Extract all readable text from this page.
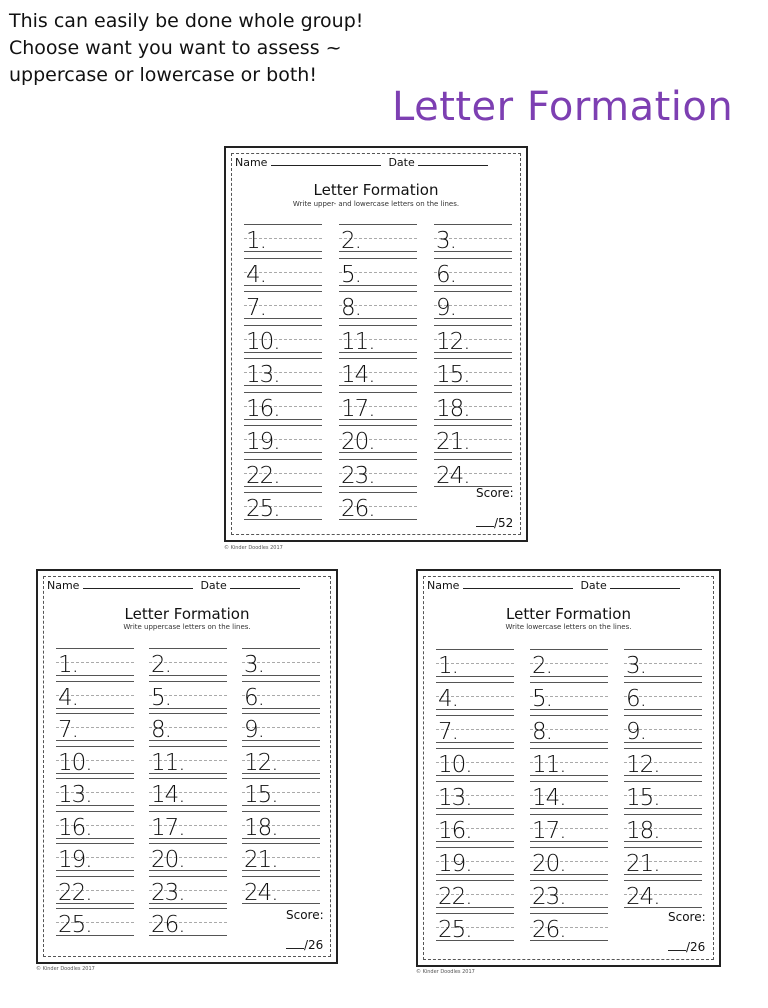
This can easily be done whole group!
Choose want you want to assess ~
uppercase or lowercase or both!
Letter Formation
Name	Date
Letter Formation
Write upper- and lowercase letters on the lines.
1.	2.	3.
4.	5.	6.
7.	8.	9.
10.	11.	12.
13.	14.	15.
16.	17.	18.
19.	20.	21.
22.	23.	24.
25.	26.
Score:
/52
© Kinder Doodles 2017
Name	Date
Letter Formation
Write uppercase letters on the lines.
1.	2.	3.
4.	5.	6.
7.	8.	9.
10.	11.	12.
13.	14.	15.
16.	17.	18.
19.	20.	21.
22.	23.	24.
25.	26.	Score:
/26
© Kinder Doodles 2017
Name	Date
Letter Formation
Write lowercase letters on the lines.
1.	2.	3.
4.	5.	6.
7.	8.	9.
10.	11.	12.
13.	14.	15.
16.	17.	18.
19.	20.	21.
22.	23.	24.
25.	26.	Score:
/26
© Kinder Doodles 2017
